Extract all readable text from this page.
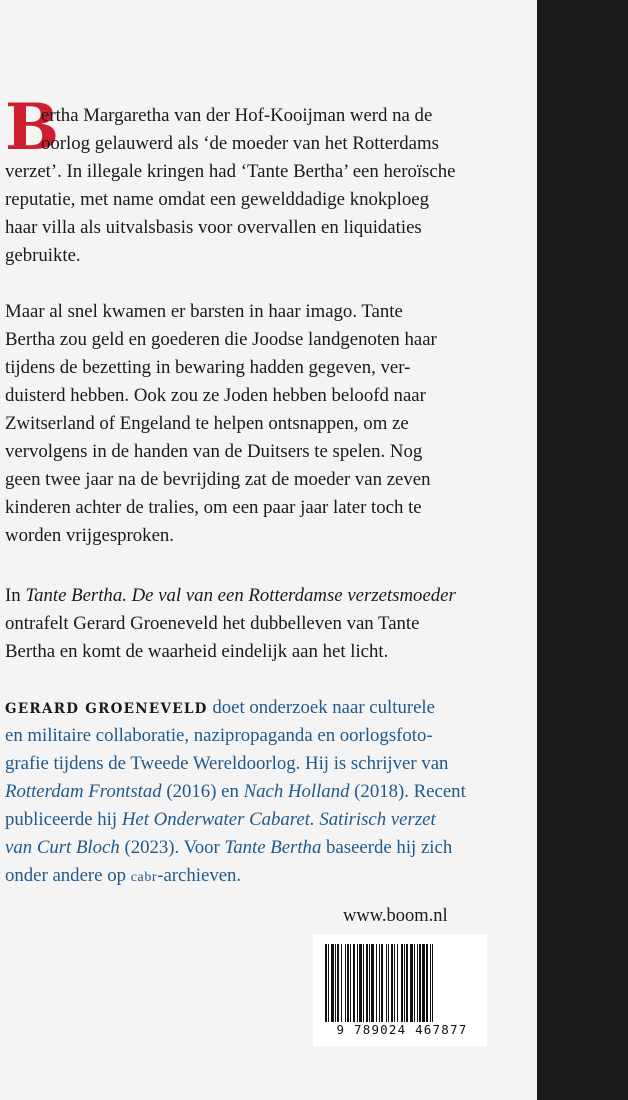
B
ertha Margaretha van der Hof-Kooijman werd na de
oorlog gelauwerd als ‘de moeder van het Rotterdams
verzet’. In illegale kringen had ‘Tante Bertha’ een heroïsche
reputatie, met name omdat een gewelddadige knokploeg
haar villa als uitvalsbasis voor overvallen en liquidaties
gebruikte.
Maar al snel kwamen er barsten in haar imago. Tante
Bertha zou geld en goederen die Joodse landgenoten haar
tijdens de bezetting in bewaring hadden gegeven, ver-
duisterd hebben. Ook zou ze Joden hebben beloofd naar
Zwitserland of Engeland te helpen ontsnappen, om ze
vervolgens in de handen van de Duitsers te spelen. Nog
geen twee jaar na de bevrijding zat de moeder van zeven
kinderen achter de tralies, om een paar jaar later toch te
worden vrijgesproken.
In Tante Bertha. De val van een Rotterdamse verzetsmoeder
ontrafelt Gerard Groeneveld het dubbelleven van Tante
Bertha en komt de waarheid eindelijk aan het licht.
GERARD GROENEVELD doet onderzoek naar culturele
en militaire collaboratie, nazipropaganda en oorlogsfoto-
grafie tijdens de Tweede Wereldoorlog. Hij is schrijver van
Rotterdam Frontstad (2016) en Nach Holland (2018). Recent
publiceerde hij Het Onderwater Cabaret. Satirisch verzet
van Curt Bloch (2023). Voor Tante Bertha baseerde hij zich
onder andere op cabr-archieven.
www.boom.nl
9 789024 467877
